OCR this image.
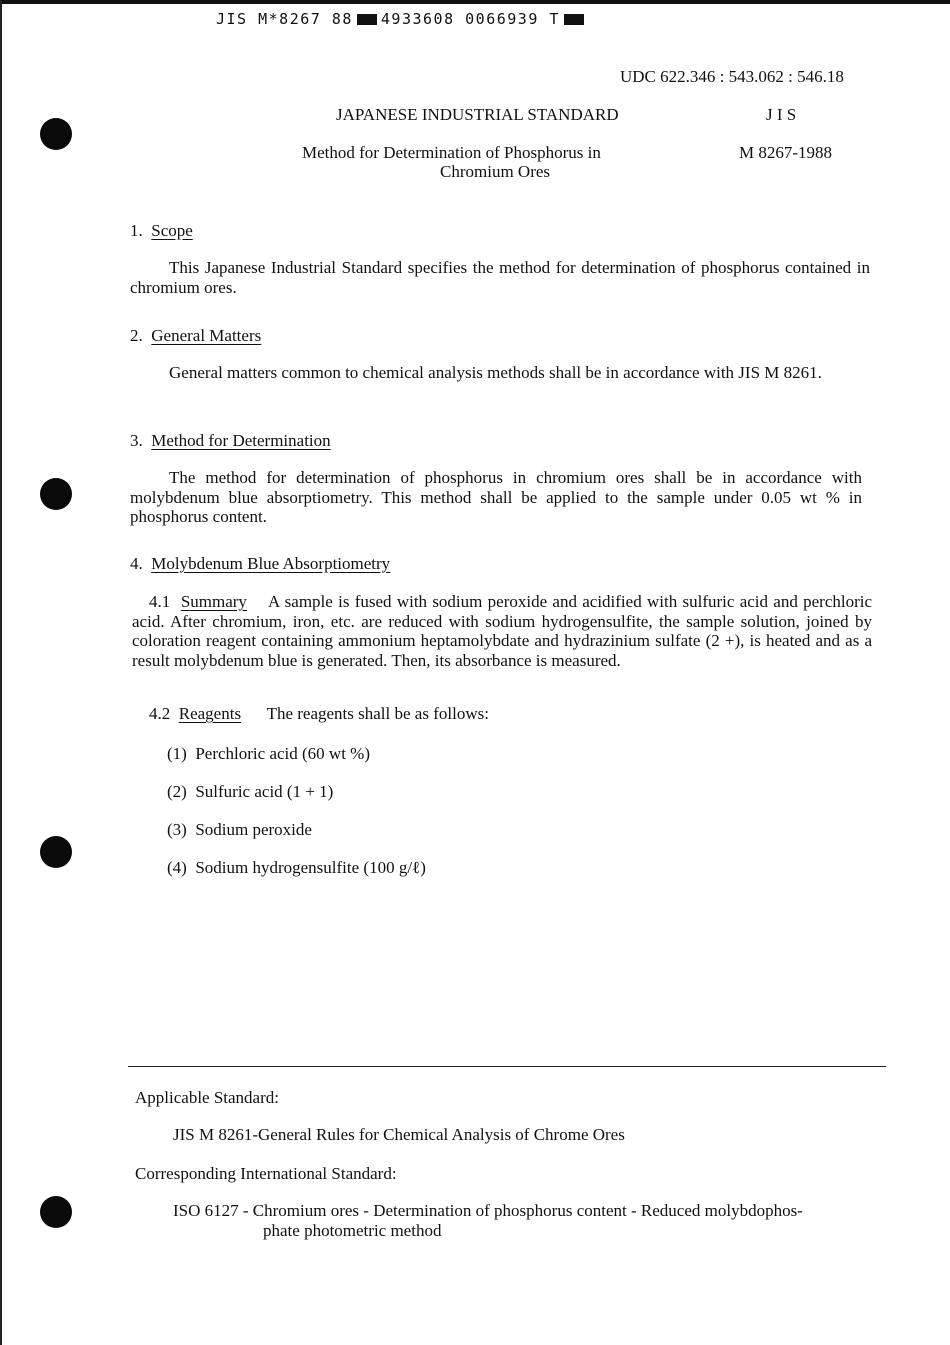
JIS M*8267 88 4933608 0066939 T
UDC 622.346 : 543.062 : 546.18
JAPANESE INDUSTRIAL STANDARD	J I S
Method for Determination of Phosphorus in
Chromium Ores
M 8267-1988
1. Scope
This Japanese Industrial Standard specifies the method for determination of phosphorus contained in chromium ores.
2. General Matters
General matters common to chemical analysis methods shall be in accordance with JIS M 8261.
3. Method for Determination
The method for determination of phosphorus in chromium ores shall be in accordance with molybdenum blue absorptiometry. This method shall be applied to the sample under 0.05 wt % in phosphorus content.
4. Molybdenum Blue Absorptiometry
4.1 Summary A sample is fused with sodium peroxide and acidified with sulfuric acid and perchloric acid. After chromium, iron, etc. are reduced with sodium hydrogensulfite, the sample solution, joined by coloration reagent containing ammonium heptamolybdate and hydrazinium sulfate (2 +), is heated and as a result molybdenum blue is generated. Then, its absorbance is measured.
4.2 Reagents The reagents shall be as follows:
(1) Perchloric acid (60 wt %)
(2) Sulfuric acid (1 + 1)
(3) Sodium peroxide
(4) Sodium hydrogensulfite (100 g/ℓ)
Applicable Standard:
JIS M 8261-General Rules for Chemical Analysis of Chrome Ores
Corresponding International Standard:
ISO 6127 - Chromium ores - Determination of phosphorus content - Reduced molybdophos-
phate photometric method
